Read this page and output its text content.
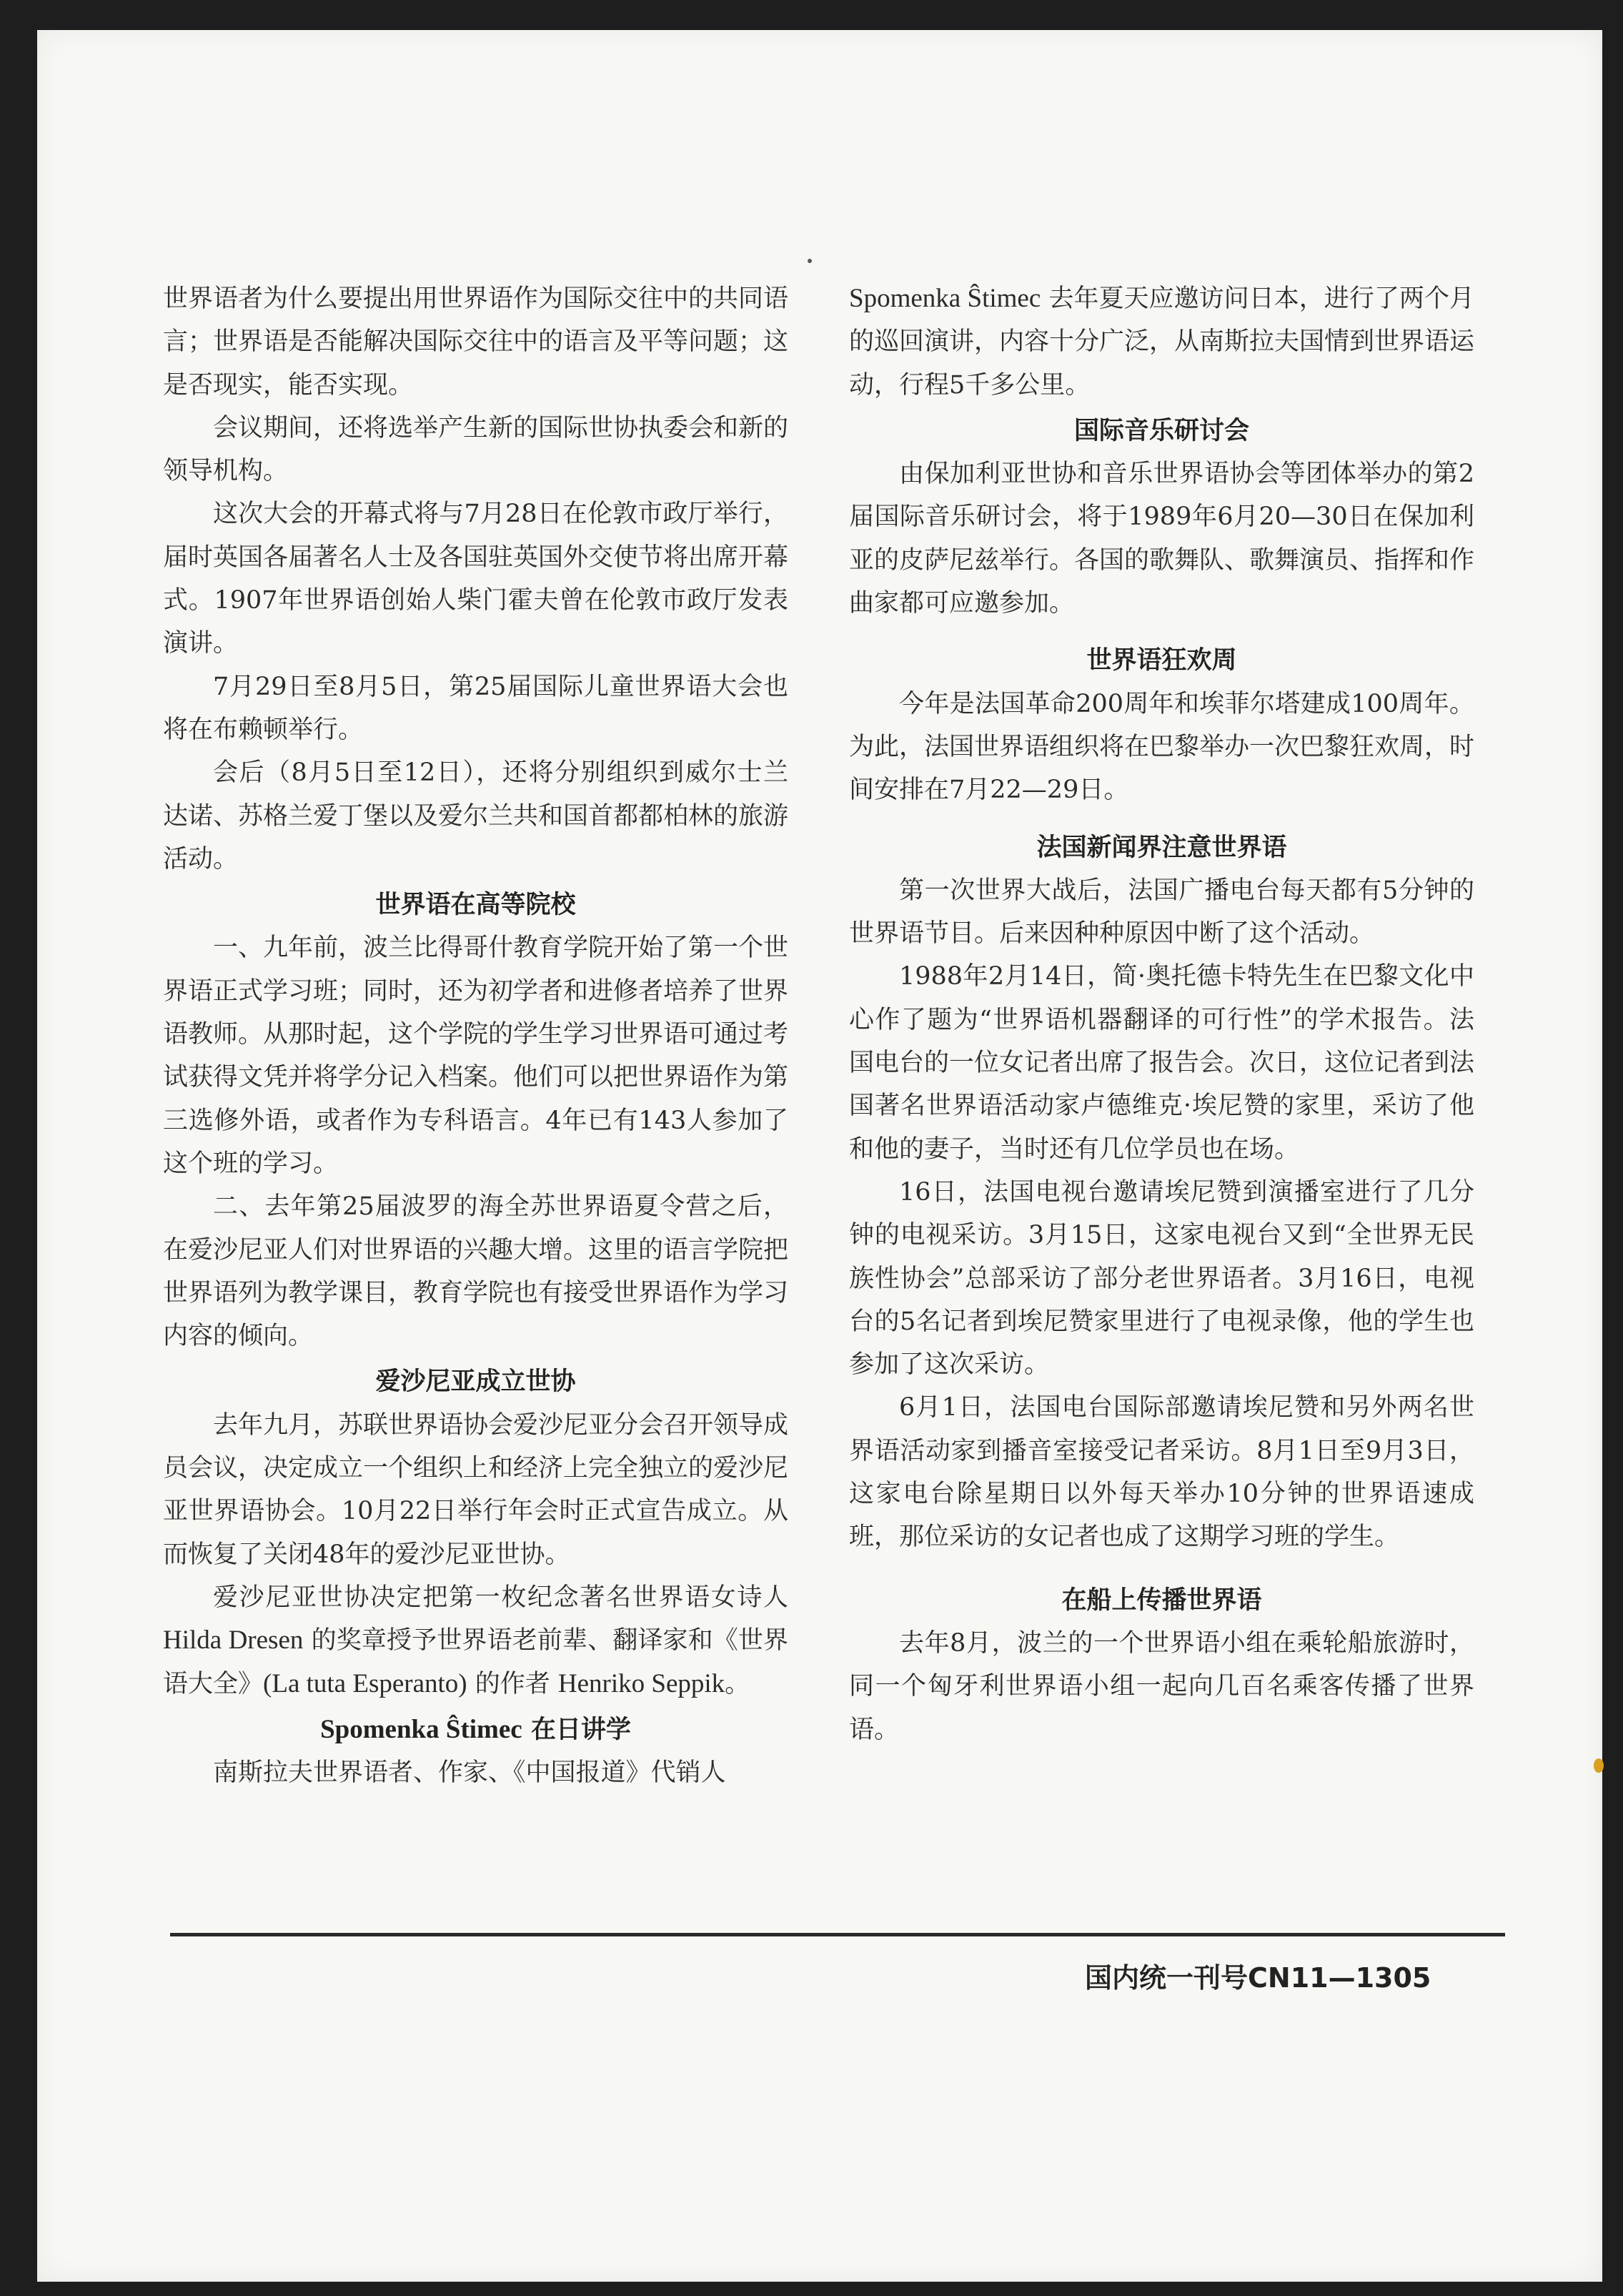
世界语者为什么要提出用世界语作为国际交往中的共同语言；世界语是否能解决国际交往中的语言及平等问题；这是否现实，能否实现。

会议期间，还将选举产生新的国际世协执委会和新的领导机构。

这次大会的开幕式将与7月28日在伦敦市政厅举行，届时英国各届著名人士及各国驻英国外交使节将出席开幕式。1907年世界语创始人柴门霍夫曾在伦敦市政厅发表演讲。

7月29日至8月5日，第25届国际儿童世界语大会也将在布赖顿举行。

会后（8月5日至12日），还将分别组织到威尔士兰达诺、苏格兰爱丁堡以及爱尔兰共和国首都都柏林的旅游活动。

世界语在高等院校

一、九年前，波兰比得哥什教育学院开始了第一个世界语正式学习班；同时，还为初学者和进修者培养了世界语教师。从那时起，这个学院的学生学习世界语可通过考试获得文凭并将学分记入档案。他们可以把世界语作为第三选修外语，或者作为专科语言。4年已有143人参加了这个班的学习。

二、去年第25届波罗的海全苏世界语夏令营之后，在爱沙尼亚人们对世界语的兴趣大增。这里的语言学院把世界语列为教学课目，教育学院也有接受世界语作为学习内容的倾向。

爱沙尼亚成立世协

去年九月，苏联世界语协会爱沙尼亚分会召开领导成员会议，决定成立一个组织上和经济上完全独立的爱沙尼亚世界语协会。10月22日举行年会时正式宣告成立。从而恢复了关闭48年的爱沙尼亚世协。

爱沙尼亚世协决定把第一枚纪念著名世界语女诗人 Hilda Dresen 的奖章授予世界语老前辈、翻译家和《世界语大全》(La tuta Esperanto) 的作者 Henriko Seppik。

Spomenka Ŝtimec 在日讲学

南斯拉夫世界语者、作家、《中国报道》代销人

Spomenka Ŝtimec 去年夏天应邀访问日本，进行了两个月的巡回演讲，内容十分广泛，从南斯拉夫国情到世界语运动，行程5千多公里。

国际音乐研讨会

由保加利亚世协和音乐世界语协会等团体举办的第2届国际音乐研讨会，将于1989年6月20—30日在保加利亚的皮萨尼兹举行。各国的歌舞队、歌舞演员、指挥和作曲家都可应邀参加。

世界语狂欢周

今年是法国革命200周年和埃菲尔塔建成100周年。为此，法国世界语组织将在巴黎举办一次巴黎狂欢周，时间安排在7月22—29日。

法国新闻界注意世界语

第一次世界大战后，法国广播电台每天都有5分钟的世界语节目。后来因种种原因中断了这个活动。

1988年2月14日，简·奥托德卡特先生在巴黎文化中心作了题为“世界语机器翻译的可行性”的学术报告。法国电台的一位女记者出席了报告会。次日，这位记者到法国著名世界语活动家卢德维克·埃尼赞的家里，采访了他和他的妻子，当时还有几位学员也在场。

16日，法国电视台邀请埃尼赞到演播室进行了几分钟的电视采访。3月15日，这家电视台又到“全世界无民族性协会”总部采访了部分老世界语者。3月16日，电视台的5名记者到埃尼赞家里进行了电视录像，他的学生也参加了这次采访。

6月1日，法国电台国际部邀请埃尼赞和另外两名世界语活动家到播音室接受记者采访。8月1日至9月3日，这家电台除星期日以外每天举办10分钟的世界语速成班，那位采访的女记者也成了这期学习班的学生。

在船上传播世界语

去年8月，波兰的一个世界语小组在乘轮船旅游时，同一个匈牙利世界语小组一起向几百名乘客传播了世界语。

国内统一刊号CN11—1305
